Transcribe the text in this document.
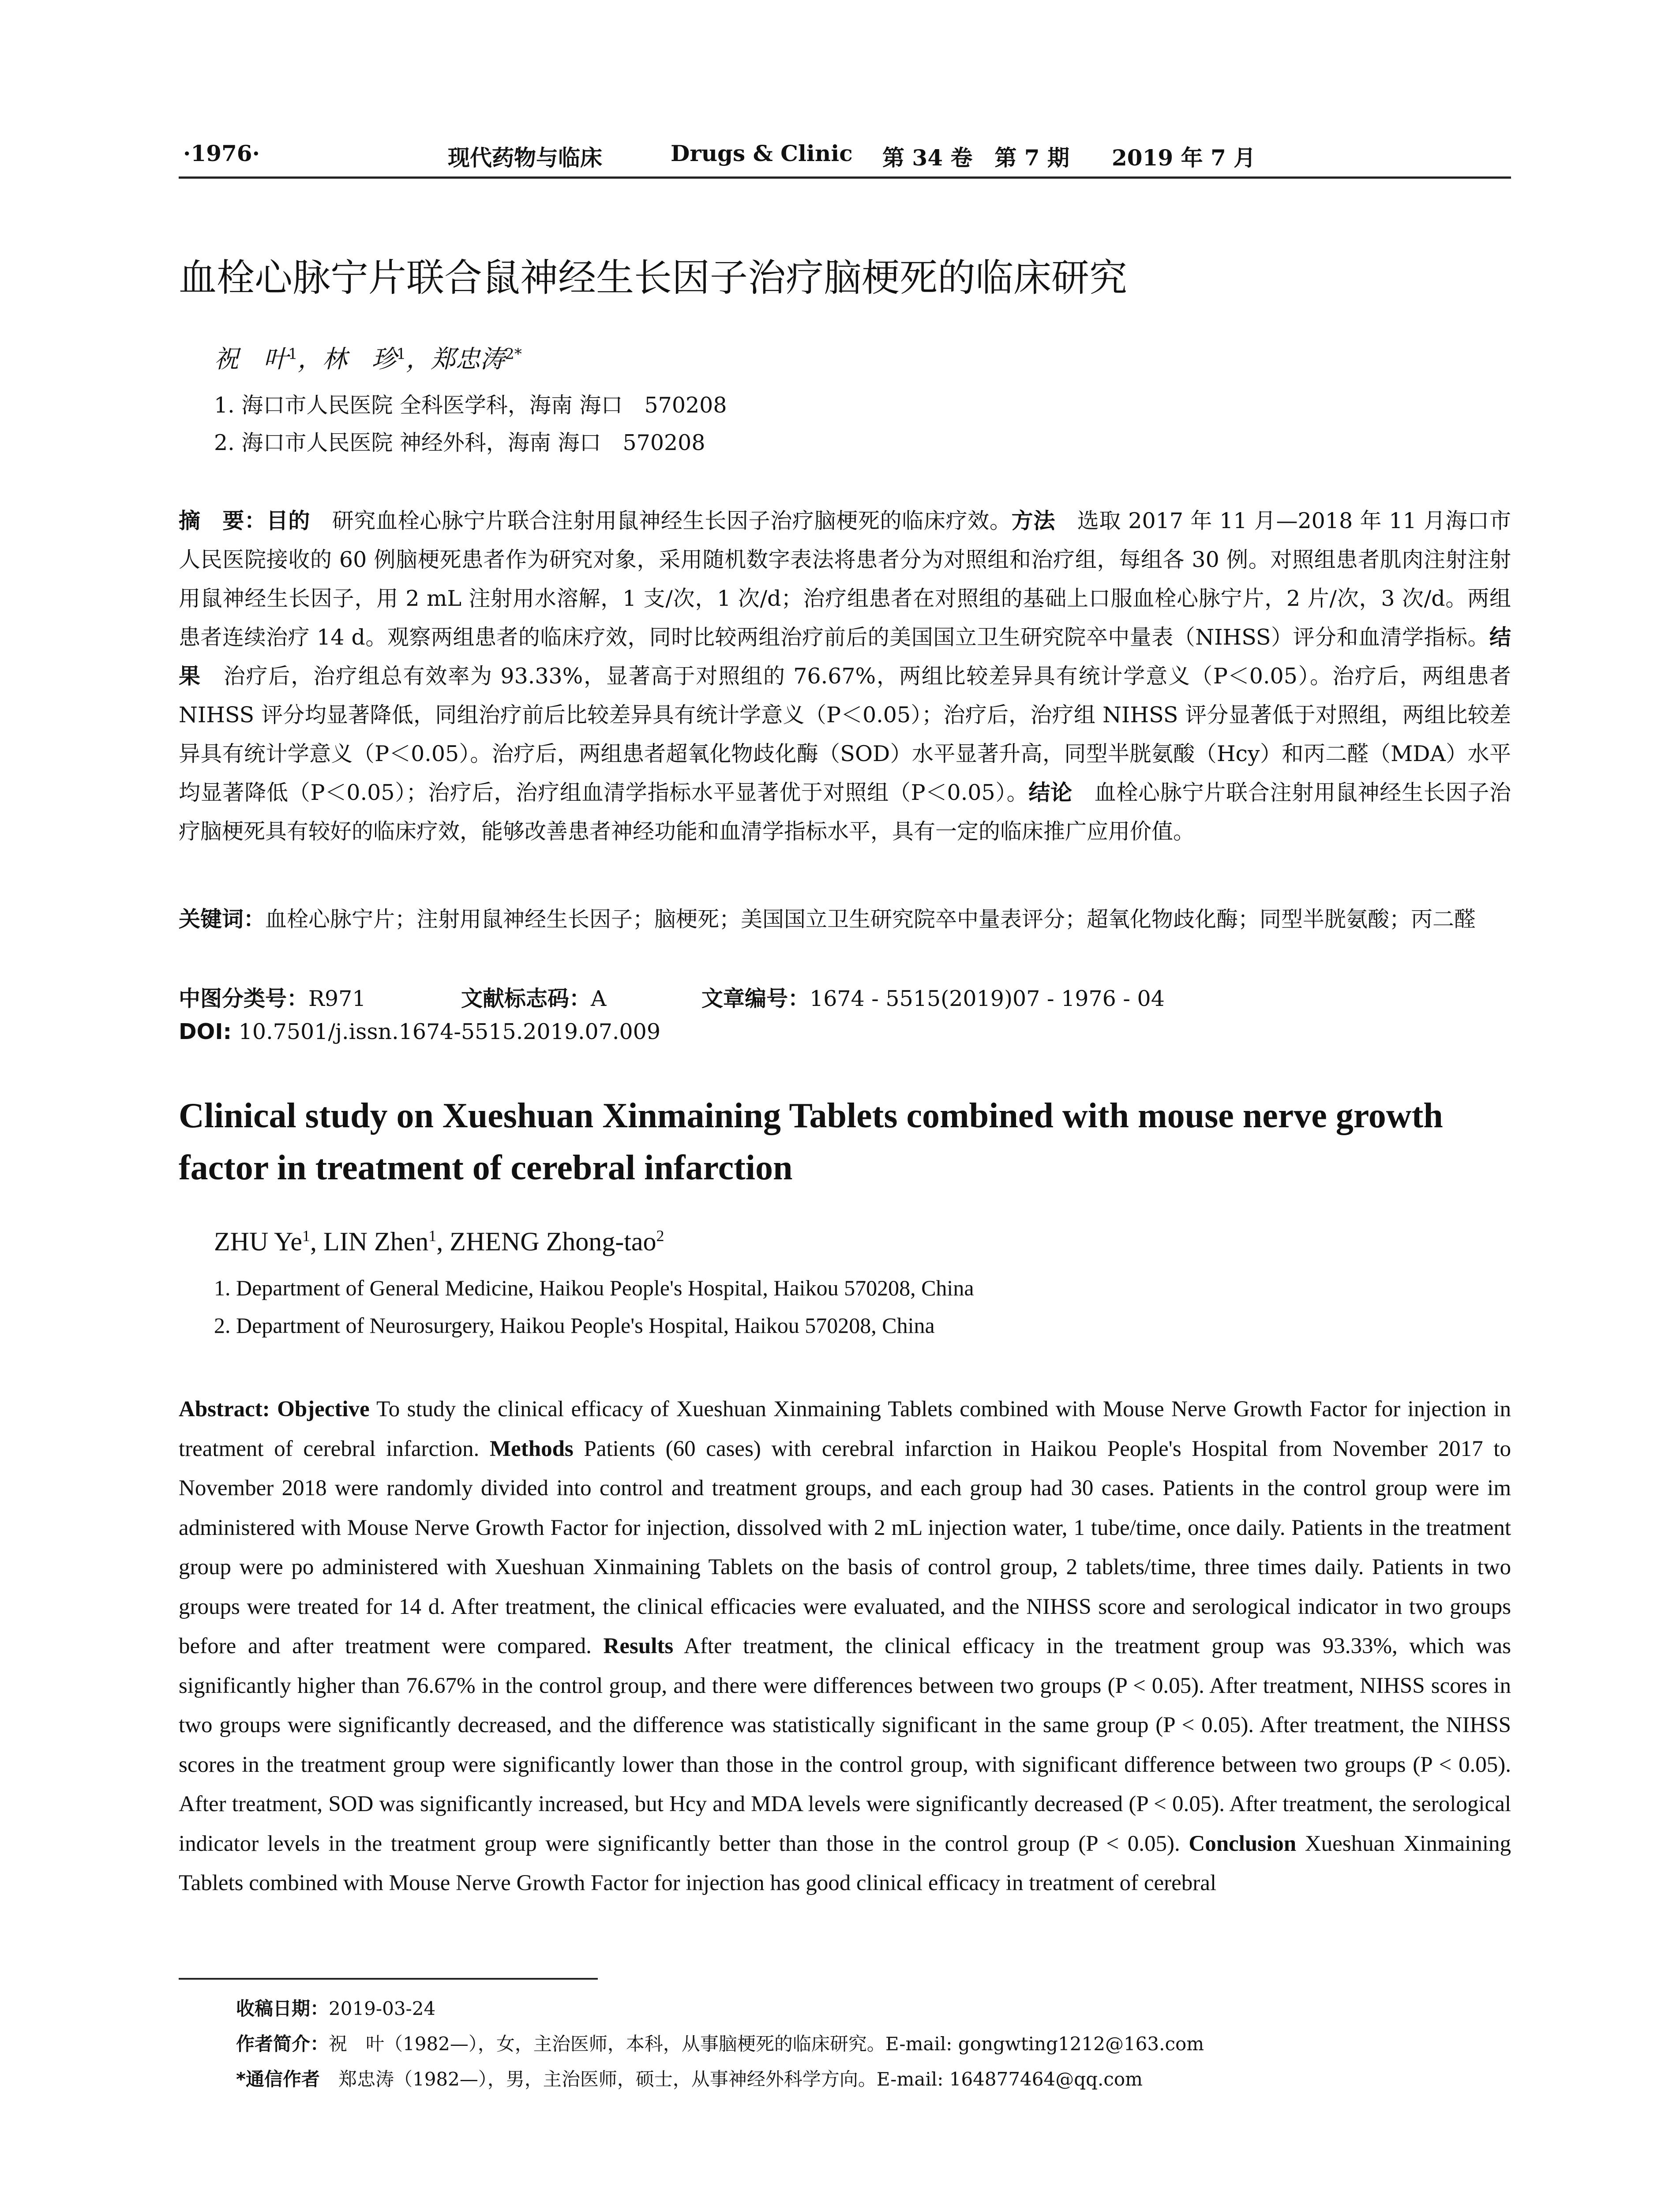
·1976·	现代药物与临床	Drugs & Clinic 第 34 卷　第 7 期 2019 年 7 月
血栓心脉宁片联合鼠神经生长因子治疗脑梗死的临床研究
祝　叶$^1$，林　珍$^1$，郑忠涛$^{2*}$
1. 海口市人民医院 全科医学科，海南 海口　570208
2. 海口市人民医院 神经外科，海南 海口　570208
摘　要：目的　研究血栓心脉宁片联合注射用鼠神经生长因子治疗脑梗死的临床疗效。方法　选取 2017 年 11 月—2018 年 11 月海口市人民医院接收的 60 例脑梗死患者作为研究对象，采用随机数字表法将患者分为对照组和治疗组，每组各 30 例。对照组患者肌肉注射注射用鼠神经生长因子，用 2 mL 注射用水溶解，1 支/次，1 次/d；治疗组患者在对照组的基础上口服血栓心脉宁片，2 片/次，3 次/d。两组患者连续治疗 14 d。观察两组患者的临床疗效，同时比较两组治疗前后的美国国立卫生研究院卒中量表（NIHSS）评分和血清学指标。结果　治疗后，治疗组总有效率为 93.33%，显著高于对照组的 76.67%，两组比较差异具有统计学意义（P＜0.05）。治疗后，两组患者 NIHSS 评分均显著降低，同组治疗前后比较差异具有统计学意义（P＜0.05）；治疗后，治疗组 NIHSS 评分显著低于对照组，两组比较差异具有统计学意义（P＜0.05）。治疗后，两组患者超氧化物歧化酶（SOD）水平显著升高，同型半胱氨酸（Hcy）和丙二醛（MDA）水平均显著降低（P＜0.05）；治疗后，治疗组血清学指标水平显著优于对照组（P＜0.05）。结论　血栓心脉宁片联合注射用鼠神经生长因子治疗脑梗死具有较好的临床疗效，能够改善患者神经功能和血清学指标水平，具有一定的临床推广应用价值。
关键词：血栓心脉宁片；注射用鼠神经生长因子；脑梗死；美国国立卫生研究院卒中量表评分；超氧化物歧化酶；同型半胱氨酸；丙二醛
中图分类号：R971	文献标志码：A	文章编号：1674 - 5515(2019)07 - 1976 - 04
DOI: 10.7501/j.issn.1674-5515.2019.07.009
Clinical study on Xueshuan Xinmaining Tablets combined with mouse nerve growth factor in treatment of cerebral infarction
ZHU Ye$^1$, LIN Zhen$^1$, ZHENG Zhong-tao$^2$
1. Department of General Medicine, Haikou People's Hospital, Haikou 570208, China
2. Department of Neurosurgery, Haikou People's Hospital, Haikou 570208, China
Abstract: Objective To study the clinical efficacy of Xueshuan Xinmaining Tablets combined with Mouse Nerve Growth Factor for injection in treatment of cerebral infarction. Methods Patients (60 cases) with cerebral infarction in Haikou People's Hospital from November 2017 to November 2018 were randomly divided into control and treatment groups, and each group had 30 cases. Patients in the control group were im administered with Mouse Nerve Growth Factor for injection, dissolved with 2 mL injection water, 1 tube/time, once daily. Patients in the treatment group were po administered with Xueshuan Xinmaining Tablets on the basis of control group, 2 tablets/time, three times daily. Patients in two groups were treated for 14 d. After treatment, the clinical efficacies were evaluated, and the NIHSS score and serological indicator in two groups before and after treatment were compared. Results After treatment, the clinical efficacy in the treatment group was 93.33%, which was significantly higher than 76.67% in the control group, and there were differences between two groups (P < 0.05). After treatment, NIHSS scores in two groups were significantly decreased, and the difference was statistically significant in the same group (P < 0.05). After treatment, the NIHSS scores in the treatment group were significantly lower than those in the control group, with significant difference between two groups (P < 0.05). After treatment, SOD was significantly increased, but Hcy and MDA levels were significantly decreased (P < 0.05). After treatment, the serological indicator levels in the treatment group were significantly better than those in the control group (P < 0.05). Conclusion Xueshuan Xinmaining Tablets combined with Mouse Nerve Growth Factor for injection has good clinical efficacy in treatment of cerebral
收稿日期：2019-03-24
作者简介：祝　叶（1982—），女，主治医师，本科，从事脑梗死的临床研究。E-mail: gongwting1212@163.com
*通信作者　郑忠涛（1982—），男，主治医师，硕士，从事神经外科学方向。E-mail: 164877464@qq.com
